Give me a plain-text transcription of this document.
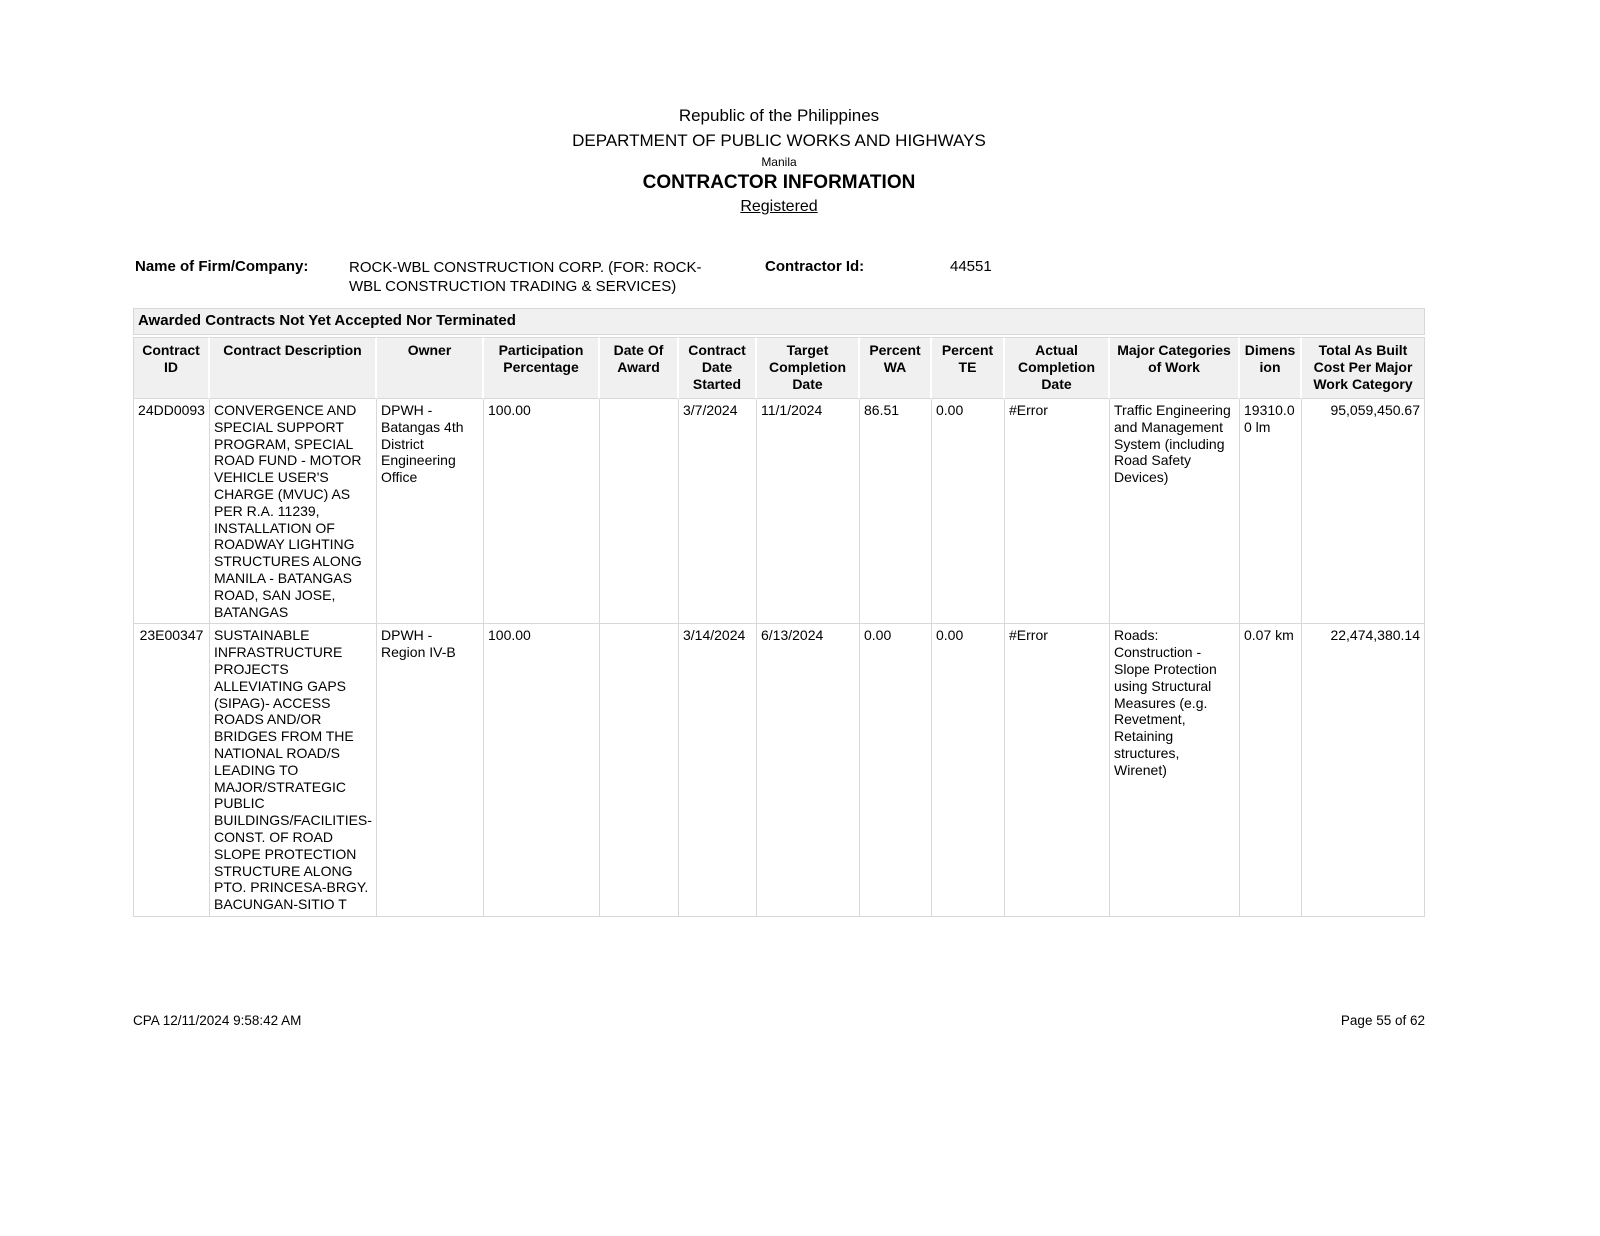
Republic of the Philippines
DEPARTMENT OF PUBLIC WORKS AND HIGHWAYS
Manila
CONTRACTOR INFORMATION
Registered
Name of Firm/Company:	ROCK-WBL CONSTRUCTION CORP. (FOR: ROCK-WBL CONSTRUCTION TRADING & SERVICES)
Contractor Id:	44551
Awarded Contracts Not Yet Accepted Nor Terminated
Contract ID	Contract Description	Owner	Participation Percentage	Date Of Award	Contract Date Started	Target Completion Date	Percent WA	Percent TE	Actual Completion Date	Major Categories of Work	Dimension	Total As Built Cost Per Major Work Category
24DD0093	CONVERGENCE AND SPECIAL SUPPORT PROGRAM, SPECIAL ROAD FUND - MOTOR VEHICLE USER'S CHARGE (MVUC) AS PER R.A. 11239, INSTALLATION OF ROADWAY LIGHTING STRUCTURES ALONG MANILA - BATANGAS ROAD, SAN JOSE, BATANGAS	DPWH - Batangas 4th District Engineering Office	100.00		3/7/2024	11/1/2024	86.51	0.00	#Error	Traffic Engineering and Management System (including Road Safety Devices)	19310.00 lm	95,059,450.67
23E00347	SUSTAINABLE INFRASTRUCTURE PROJECTS ALLEVIATING GAPS (SIPAG)- ACCESS ROADS AND/OR BRIDGES FROM THE NATIONAL ROAD/S LEADING TO MAJOR/STRATEGIC PUBLIC BUILDINGS/FACILITIES- CONST. OF ROAD SLOPE PROTECTION STRUCTURE ALONG PTO. PRINCESA-BRGY. BACUNGAN-SITIO T	DPWH - Region IV-B	100.00		3/14/2024	6/13/2024	0.00	0.00	#Error	Roads: Construction - Slope Protection using Structural Measures (e.g. Revetment, Retaining structures, Wirenet)	0.07 km	22,474,380.14
CPA 12/11/2024 9:58:42 AM	Page 55 of 62
